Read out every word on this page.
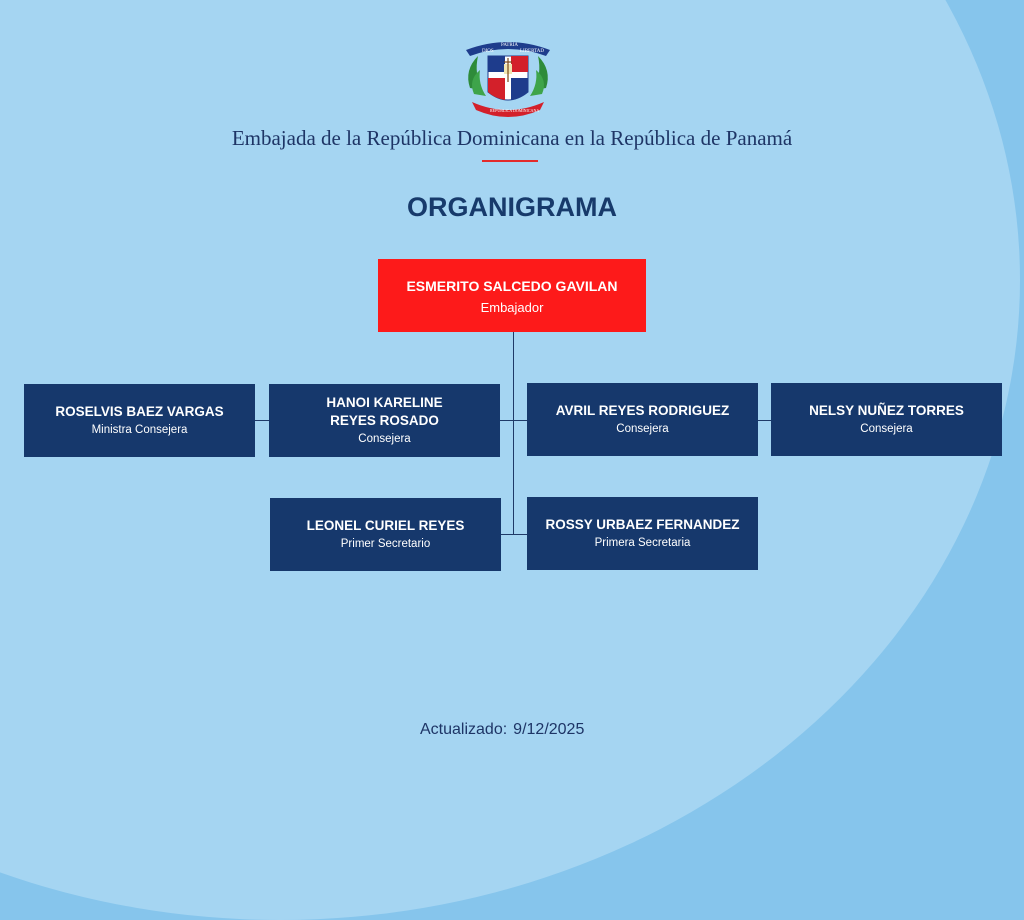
DIOS
PATRIA
LIBERTAD
REPÚBLICA DOMINICANA
Embajada de la República Dominicana en la República de Panamá
ORGANIGRAMA
ESMERITO SALCEDO GAVILAN
Embajador
ROSELVIS BAEZ VARGAS
Ministra Consejera
HANOI KARELINE
REYES ROSADO
Consejera
AVRIL REYES RODRIGUEZ
Consejera
NELSY NUÑEZ TORRES
Consejera
LEONEL CURIEL REYES
Primer Secretario
ROSSY URBAEZ FERNANDEZ
Primera Secretaria
Actualizado: 9/12/2025
